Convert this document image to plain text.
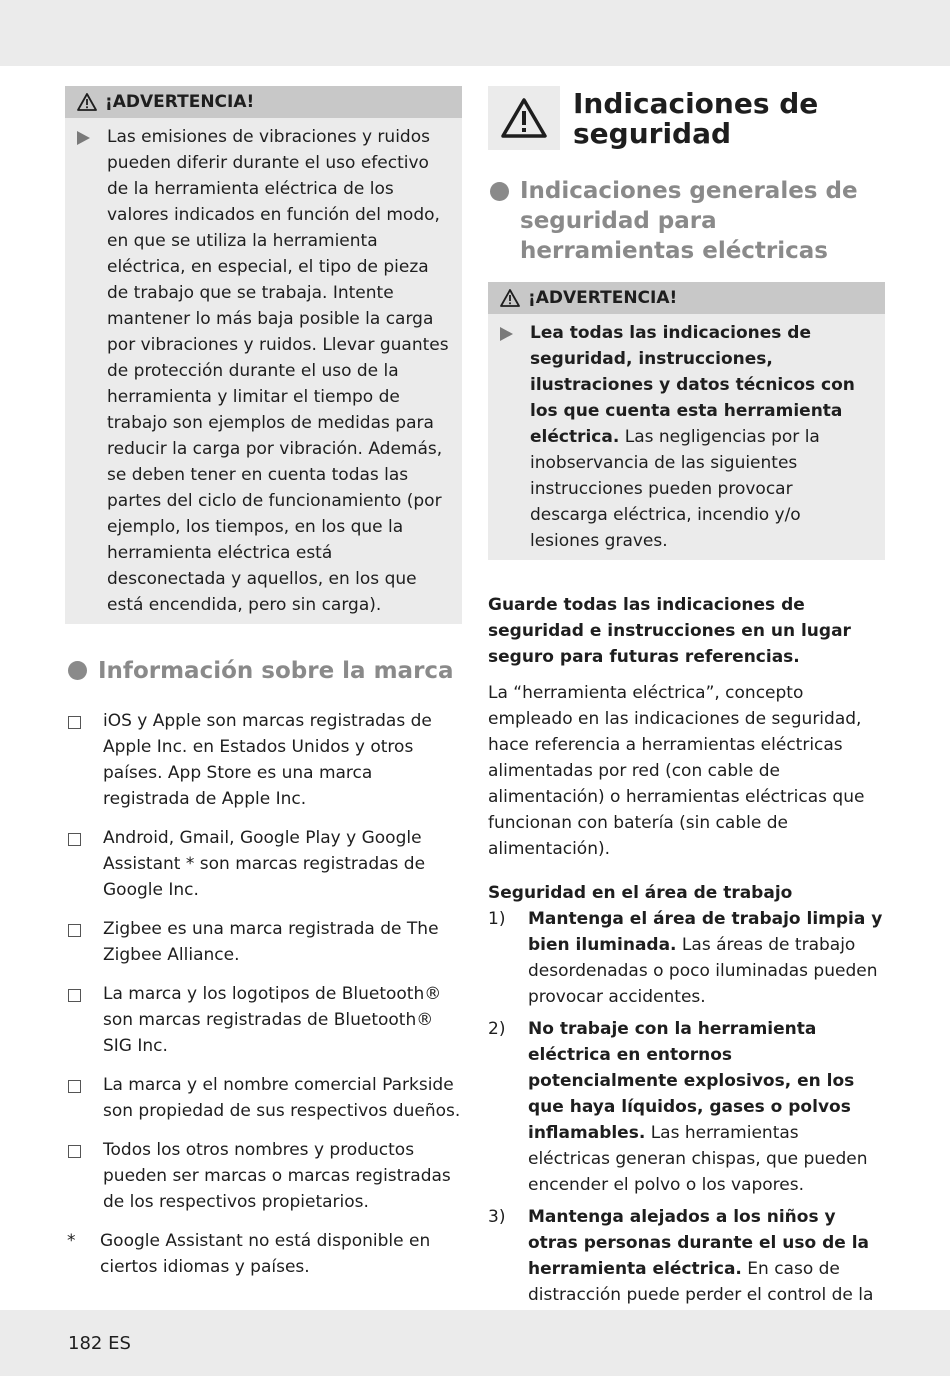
¡ADVERTENCIA!
Las emisiones de vibraciones y ruidos pueden diferir durante el uso efectivo de la herramienta eléctrica de los valores indicados en función del modo, en que se utiliza la herramienta eléctrica, en especial, el tipo de pieza de trabajo que se trabaja. Intente mantener lo más baja posible la carga por vibraciones y ruidos. Llevar guantes de protección durante el uso de la herramienta y limitar el tiempo de trabajo son ejemplos de medidas para reducir la carga por vibración. Además, se deben tener en cuenta todas las partes del ciclo de funcionamiento (por ejemplo, los tiempos, en los que la herramienta eléctrica está desconectada y aquellos, en los que está encendida, pero sin carga).
Información sobre la marca
iOS y Apple son marcas registradas de Apple Inc. en Estados Unidos y otros países. App Store es una marca registrada de Apple Inc.
Android, Gmail, Google Play y Google Assistant * son marcas registradas de Google Inc.
Zigbee es una marca registrada de The Zigbee Alliance.
La marca y los logotipos de Bluetooth® son marcas registradas de Bluetooth® SIG Inc.
La marca y el nombre comercial Parkside son propiedad de sus respectivos dueños.
Todos los otros nombres y productos pueden ser marcas o marcas registradas de los respectivos propietarios.
*	Google Assistant no está disponible en ciertos idiomas y países.
Indicaciones de seguridad
Indicaciones generales de seguridad para herramientas eléctricas
¡ADVERTENCIA!
Lea todas las indicaciones de seguridad, instrucciones, ilustraciones y datos técnicos con los que cuenta esta herramienta eléctrica. Las negligencias por la inobservancia de las siguientes instrucciones pueden provocar descarga eléctrica, incendio y/o lesiones graves.
Guarde todas las indicaciones de seguridad e instrucciones en un lugar seguro para futuras referencias.
La “herramienta eléctrica”, concepto empleado en las indicaciones de seguridad, hace referencia a herramientas eléctricas alimentadas por red (con cable de alimentación) o herramientas eléctricas que funcionan con batería (sin cable de alimentación).
Seguridad en el área de trabajo
1)	Mantenga el área de trabajo limpia y bien iluminada. Las áreas de trabajo desordenadas o poco iluminadas pueden provocar accidentes.
2)	No trabaje con la herramienta eléctrica en entornos potencialmente explosivos, en los que haya líquidos, gases o polvos inflamables. Las herramientas eléctricas generan chispas, que pueden encender el polvo o los vapores.
3)	Mantenga alejados a los niños y otras personas durante el uso de la herramienta eléctrica. En caso de distracción puede perder el control de la
182 ES
